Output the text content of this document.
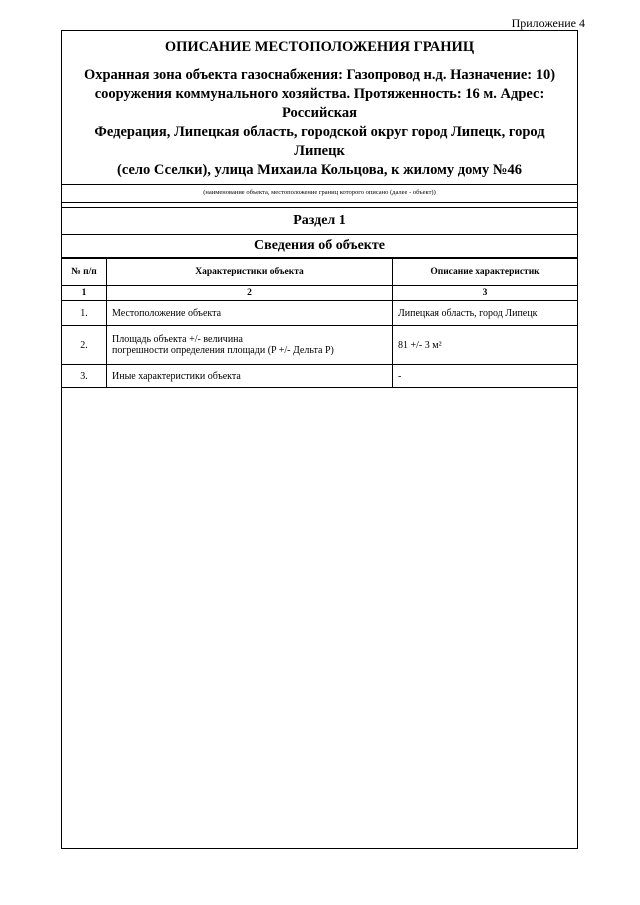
Приложение 4
ОПИСАНИЕ МЕСТОПОЛОЖЕНИЯ ГРАНИЦ
Охранная зона объекта газоснабжения: Газопровод н.д. Назначение: 10)
сооружения коммунального хозяйства. Протяженность: 16 м. Адрес: Российская
Федерация, Липецкая область, городской округ город Липецк, город Липецк
(село Сселки), улица Михаила Кольцова, к жилому дому №46
(наименование объекта, местоположение границ которого описано (далее - объект))
Раздел 1
Сведения об объекте
№ п/п	Характеристики объекта	Описание характеристик
1	2	3
1.	Местоположение объекта	Липецкая область, город Липецк
2.	Площадь объекта +/- величина
погрешности определения площади (P +/- Дельта P)	81 +/- 3 м²
3.	Иные характеристики объекта	-
